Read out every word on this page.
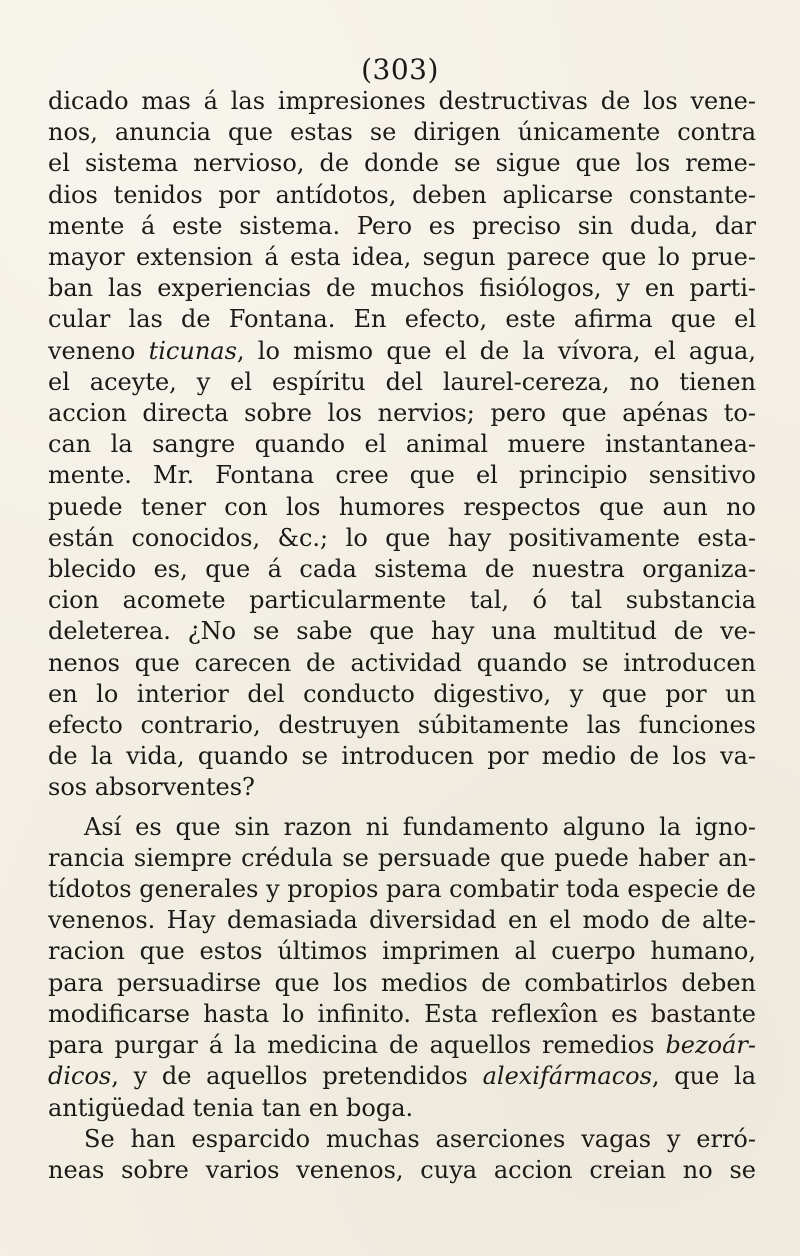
(303)
dicado mas á las impresiones destructivas de los vene-
nos, anuncia que estas se dirigen únicamente contra
el sistema nervioso, de donde se sigue que los reme-
dios tenidos por antídotos, deben aplicarse constante-
mente á este sistema. Pero es preciso sin duda, dar
mayor extension á esta idea, segun parece que lo prue-
ban las experiencias de muchos fisiólogos, y en parti-
cular las de Fontana. En efecto, este afirma que el
veneno ticunas, lo mismo que el de la vívora, el agua,
el aceyte, y el espíritu del laurel-cereza, no tienen
accion directa sobre los nervios; pero que apénas to-
can la sangre quando el animal muere instantanea-
mente. Mr. Fontana cree que el principio sensitivo
puede tener con los humores respectos que aun no
están conocidos, &c.; lo que hay positivamente esta-
blecido es, que á cada sistema de nuestra organiza-
cion acomete particularmente tal, ó tal substancia
deleterea. ¿No se sabe que hay una multitud de ve-
nenos que carecen de actividad quando se introducen
en lo interior del conducto digestivo, y que por un
efecto contrario, destruyen súbitamente las funciones
de la vida, quando se introducen por medio de los va-
sos absorventes?
Así es que sin razon ni fundamento alguno la igno-
rancia siempre crédula se persuade que puede haber an-
tídotos generales y propios para combatir toda especie de
venenos. Hay demasiada diversidad en el modo de alte-
racion que estos últimos imprimen al cuerpo humano,
para persuadirse que los medios de combatirlos deben
modificarse hasta lo infinito. Esta reflexîon es bastante
para purgar á la medicina de aquellos remedios bezoár-
dicos, y de aquellos pretendidos alexifármacos, que la
antigüedad tenia tan en boga.
Se han esparcido muchas aserciones vagas y erró-
neas sobre varios venenos, cuya accion creian no se
